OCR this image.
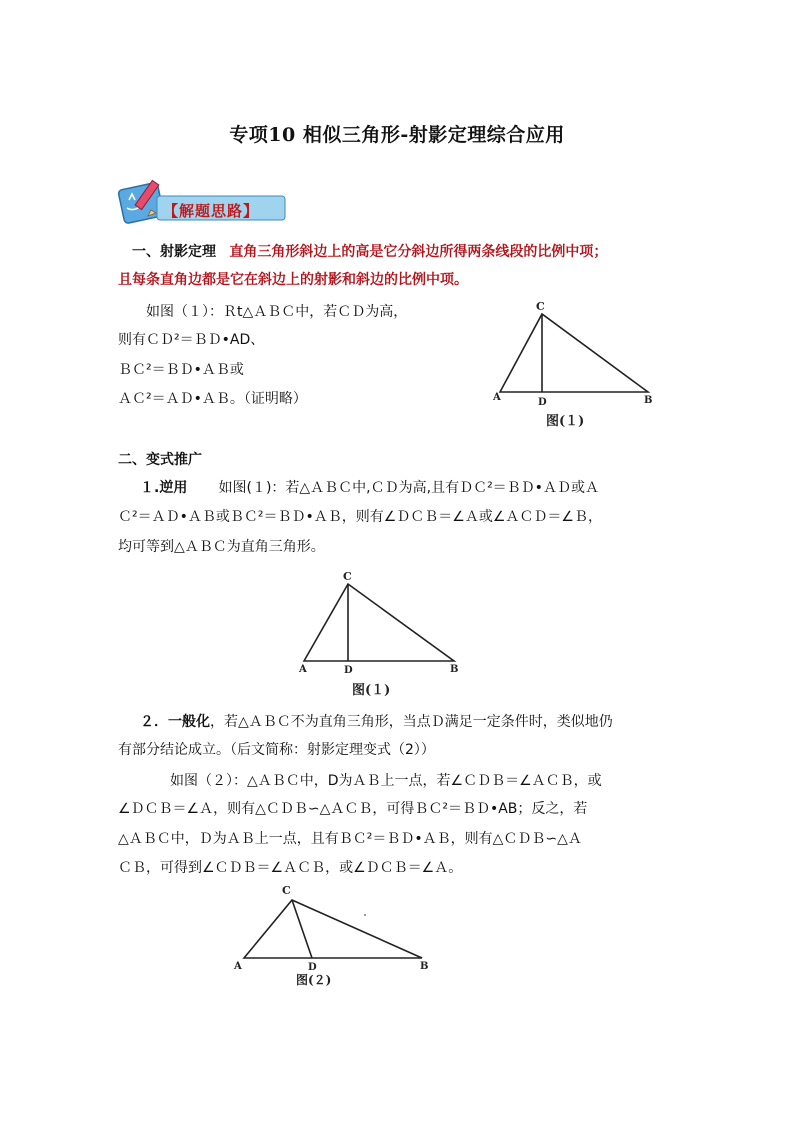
专项10 相似三角形-射影定理综合应用
【解题思路】
一、射影定理 直角三角形斜边上的高是它分斜边所得两条线段的比例中项；
且每条直角边都是它在斜边上的射影和斜边的比例中项。
如图（１）：Ｒt△ＡＢＣ中，若ＣＤ为高，
则有ＣＤ²＝ＢＤ•AD、
ＢＣ²＝ＢＤ•ＡＢ或
ＡＣ²＝ＡＤ•ＡＢ。（证明略）
C
A	D	B
图(１)
二、变式推广
１.逆用 如图(１)：若△ＡＢＣ中,ＣＤ为高,且有ＤＣ²＝ＢＤ•ＡＤ或Ａ
Ｃ²＝ＡＤ•ＡＢ或ＢＣ²＝ＢＤ•ＡＢ，则有∠ＤＣＢ＝∠Ａ或∠ＡＣＤ＝∠Ｂ，
均可等到△ＡＢＣ为直角三角形。
C
A	D	B
图(１)
２．一般化，若△ＡＢＣ不为直角三角形，当点Ｄ满足一定条件时，类似地仍
有部分结论成立。（后文简称：射影定理变式（2））
如图（２）：△ＡＢＣ中，D为ＡＢ上一点，若∠ＣＤＢ＝∠ＡＣＢ，或
∠ＤＣＢ＝∠Ａ，则有△ＣＤＢ∽△ＡＣＢ，可得ＢＣ²＝ＢＤ•AB；反之，若
△ＡＢＣ中，Ｄ为ＡＢ上一点，且有ＢＣ²＝ＢＤ•ＡＢ，则有△ＣＤＢ∽△Ａ
ＣＢ，可得到∠ＣＤＢ＝∠ＡＣＢ，或∠ＤＣＢ＝∠Ａ。
C
A	D	B
图(２)
